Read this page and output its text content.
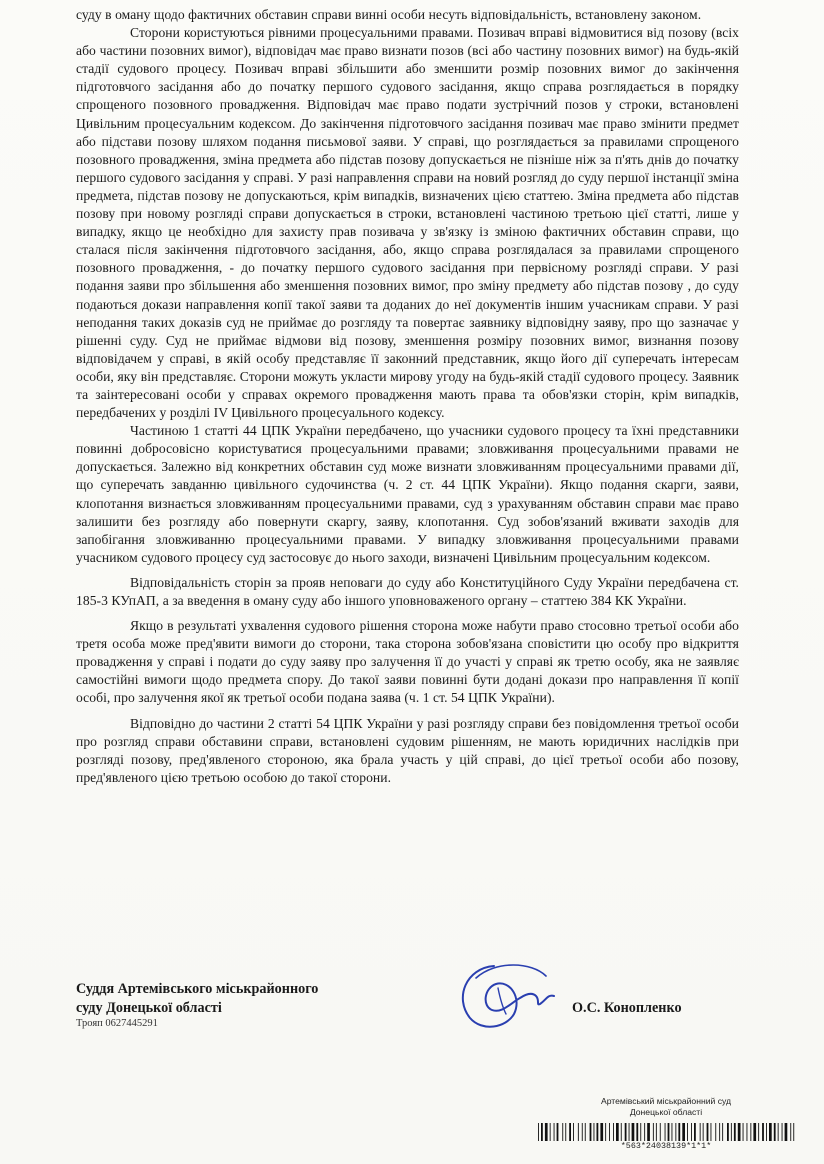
суду в оману щодо фактичних обставин справи винні особи несуть відповідальність, встановлену законом.

Сторони користуються рівними процесуальними правами. Позивач вправі відмовитися від позову (всіх або частини позовних вимог), відповідач має право визнати позов (всі або частину позовних вимог) на будь-якій стадії судового процесу. Позивач вправі збільшити або зменшити розмір позовних вимог до закінчення підготовчого засідання або до початку першого судового засідання, якщо справа розглядається в порядку спрощеного позовного провадження. Відповідач має право подати зустрічний позов у строки, встановлені Цивільним процесуальним кодексом. До закінчення підготовчого засідання позивач має право змінити предмет або підстави позову шляхом подання письмової заяви. У справі, що розглядається за правилами спрощеного позовного провадження, зміна предмета або підстав позову допускається не пізніше ніж за п'ять днів до початку першого судового засідання у справі. У разі направлення справи на новий розгляд до суду першої інстанції зміна предмета, підстав позову не допускаються, крім випадків, визначених цією статтею. Зміна предмета або підстав позову при новому розгляді справи допускається в строки, встановлені частиною третьою цієї статті, лише у випадку, якщо це необхідно для захисту прав позивача у зв'язку із зміною фактичних обставин справи, що сталася після закінчення підготовчого засідання, або, якщо справа розглядалася за правилами спрощеного позовного провадження, - до початку першого судового засідання при первісному розгляді справи. У разі подання заяви про збільшення або зменшення позовних вимог, про зміну предмету або підстав позову , до суду подаються докази направлення копії такої заяви та доданих до неї документів іншим учасникам справи. У разі неподання таких доказів суд не приймає до розгляду та повертає заявнику відповідну заяву, про що зазначає у рішенні суду. Суд не приймає відмови від позову, зменшення розміру позовних вимог, визнання позову відповідачем у справі, в якій особу представляє її законний представник, якщо його дії суперечать інтересам особи, яку він представляє. Сторони можуть укласти мирову угоду на будь-якій стадії судового процесу. Заявник та заінтересовані особи у справах окремого провадження мають права та обов'язки сторін, крім випадків, передбачених у розділі IV Цивільного процесуального кодексу.

Частиною 1 статті 44 ЦПК України передбачено, що учасники судового процесу та їхні представники повинні добросовісно користуватися процесуальними правами; зловживання процесуальними правами не допускається. Залежно від конкретних обставин суд може визнати зловживанням процесуальними правами дії, що суперечать завданню цивільного судочинства (ч. 2 ст. 44 ЦПК України). Якщо подання скарги, заяви, клопотання визнається зловживанням процесуальними правами, суд з урахуванням обставин справи має право залишити без розгляду або повернути скаргу, заяву, клопотання. Суд зобов'язаний вживати заходів для запобігання зловживанню процесуальними правами. У випадку зловживання процесуальними правами учасником судового процесу суд застосовує до нього заходи, визначені Цивільним процесуальним кодексом.

Відповідальність сторін за прояв неповаги до суду або Конституційного Суду України передбачена ст. 185-3 КУпАП, а за введення в оману суду або іншого уповноваженого органу – статтею 384 КК України.

Якщо в результаті ухвалення судового рішення сторона може набути право стосовно третьої особи або третя особа може пред'явити вимоги до сторони, така сторона зобов'язана сповістити цю особу про відкриття провадження у справі і подати до суду заяву про залучення її до участі у справі як третю особу, яка не заявляє самостійні вимоги щодо предмета спору. До такої заяви повинні бути додані докази про направлення її копії особі, про залучення якої як третьої особи подана заява (ч. 1 ст. 54 ЦПК України).

Відповідно до частини 2 статті 54 ЦПК України у разі розгляду справи без повідомлення третьої особи про розгляд справи обставини справи, встановлені судовим рішенням, не мають юридичних наслідків при розгляді позову, пред'явленого стороною, яка брала участь у цій справі, до цієї третьої особи або позову, пред'явленого цією третьою особою до такої сторони.

Суддя Артемівського міськрайонного
суду Донецької області
Трояп 0627445291
О.С. Конопленко
Артемівський міськрайонний суд
Донецької області
*563*24038139*1*1*
